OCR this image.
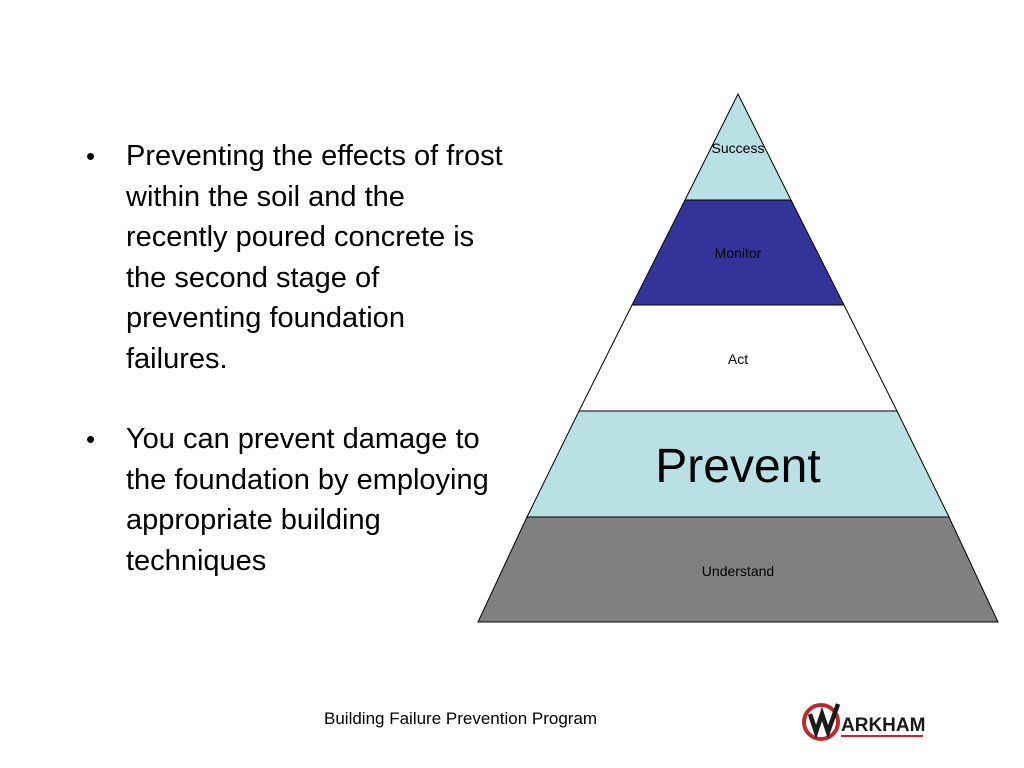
• Preventing the effects of frost within the soil and the recently poured concrete is the second stage of preventing foundation failures.
• You can prevent damage to the foundation by employing appropriate building techniques
Success
Monitor
Act
Prevent
Understand
Building Failure Prevention Program	ARKHAM
